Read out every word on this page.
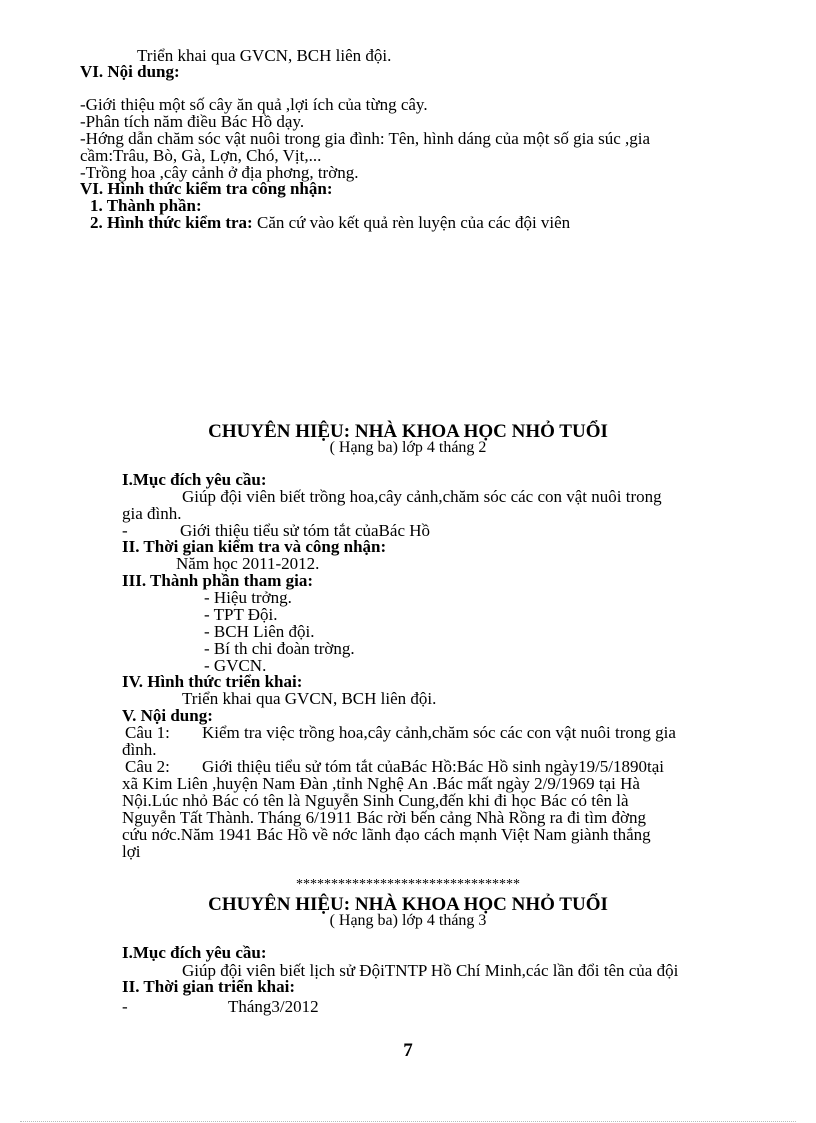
Triển khai qua GVCN, BCH liên đội.
VI. Nội dung:
-Giới thiệu một số cây ăn quả ,lợi ích của từng cây.
-Phân tích năm điều Bác Hồ dạy.
-Hớng dẫn chăm sóc vật nuôi trong gia đình: Tên, hình dáng của một số gia súc ,gia
cầm:Trâu, Bò, Gà, Lợn, Chó, Vịt,...
-Trồng hoa ,cây cảnh ở địa phơng, trờng.
VI. Hình thức kiểm tra công nhận:
1. Thành phần:
2. Hình thức kiểm tra: Căn cứ vào kết quả rèn luyện của các đội viên
CHUYÊN HIỆU: NHÀ KHOA HỌC NHỎ TUỔI
( Hạng ba) lớp 4 tháng 2
I.Mục đích yêu cầu:
Giúp đội viên biết trồng hoa,cây cảnh,chăm sóc các con vật nuôi trong
gia đình.
-	Giới thiệu tiểu sử tóm tắt củaBác Hồ
II. Thời gian kiểm tra và công nhận:
Năm học 2011-2012.
III. Thành phần tham gia:
- Hiệu trởng.
- TPT Đội.
- BCH Liên đội.
- Bí th chi đoàn trờng.
- GVCN.
IV. Hình thức triển khai:
Triển khai qua GVCN, BCH liên đội.
V. Nội dung:
Câu 1: Kiểm tra việc trồng hoa,cây cảnh,chăm sóc các con vật nuôi trong gia
đình.
Câu 2: Giới thiệu tiểu sử tóm tắt củaBác Hồ:Bác Hồ sinh ngày19/5/1890tại
xã Kim Liên ,huyện Nam Đàn ,tỉnh Nghệ An .Bác mất ngày 2/9/1969 tại Hà
Nội.Lúc nhỏ Bác có tên là Nguyễn Sinh Cung,đến khi đi học Bác có tên là
Nguyễn Tất Thành. Tháng 6/1911 Bác rời bến cảng Nhà Rồng ra đi tìm đờng
cứu nớc.Năm 1941 Bác Hồ về nớc lãnh đạo cách mạnh Việt Nam giành thắng
lợi
********************************
CHUYÊN HIỆU: NHÀ KHOA HỌC NHỎ TUỔI
( Hạng ba) lớp 4 tháng 3
I.Mục đích yêu cầu:
Giúp đội viên biết lịch sử ĐộiTNTP Hồ Chí Minh,các lần đổi tên của đội
II. Thời gian triển khai:
-	Tháng3/2012
7
